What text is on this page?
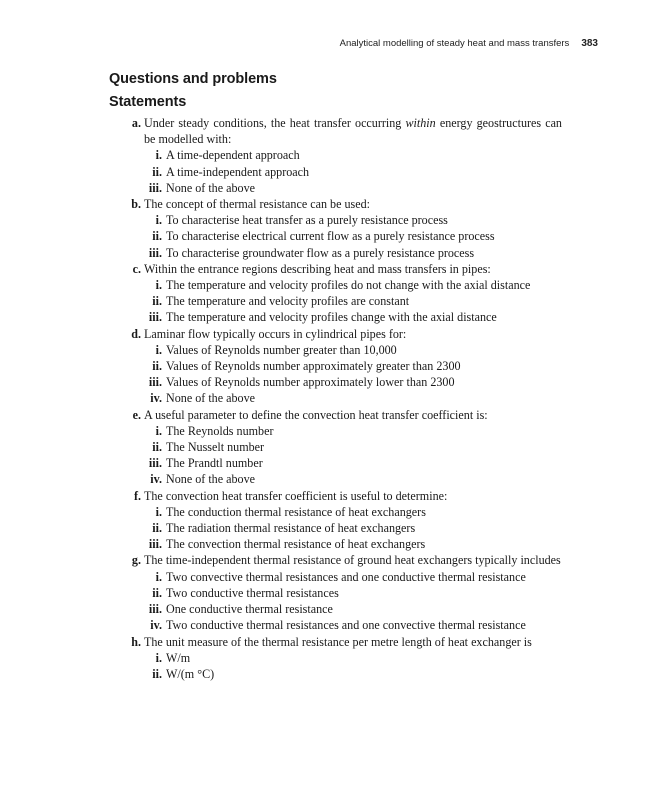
Analytical modelling of steady heat and mass transfers 383
Questions and problems
Statements
a. Under steady conditions, the heat transfer occurring within energy geostructures can be modelled with:
i. A time-dependent approach
ii. A time-independent approach
iii. None of the above
b. The concept of thermal resistance can be used:
i. To characterise heat transfer as a purely resistance process
ii. To characterise electrical current flow as a purely resistance process
iii. To characterise groundwater flow as a purely resistance process
c. Within the entrance regions describing heat and mass transfers in pipes:
i. The temperature and velocity profiles do not change with the axial distance
ii. The temperature and velocity profiles are constant
iii. The temperature and velocity profiles change with the axial distance
d. Laminar flow typically occurs in cylindrical pipes for:
i. Values of Reynolds number greater than 10,000
ii. Values of Reynolds number approximately greater than 2300
iii. Values of Reynolds number approximately lower than 2300
iv. None of the above
e. A useful parameter to define the convection heat transfer coefficient is:
i. The Reynolds number
ii. The Nusselt number
iii. The Prandtl number
iv. None of the above
f. The convection heat transfer coefficient is useful to determine:
i. The conduction thermal resistance of heat exchangers
ii. The radiation thermal resistance of heat exchangers
iii. The convection thermal resistance of heat exchangers
g. The time-independent thermal resistance of ground heat exchangers typically includes
i. Two convective thermal resistances and one conductive thermal resistance
ii. Two conductive thermal resistances
iii. One conductive thermal resistance
iv. Two conductive thermal resistances and one convective thermal resistance
h. The unit measure of the thermal resistance per metre length of heat exchanger is
i. W/m
ii. W/(m °C)
